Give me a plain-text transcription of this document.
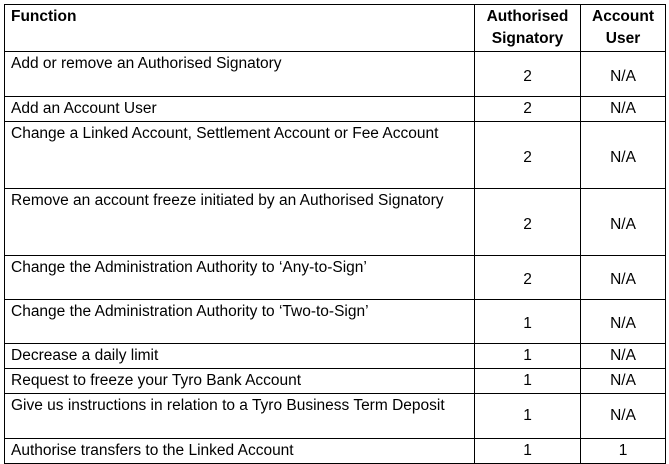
Function	Authorised Signatory	Account User
Add or remove an Authorised Signatory	2	N/A
Add an Account User	2	N/A
Change a Linked Account, Settlement Account or Fee Account	2	N/A
Remove an account freeze initiated by an Authorised Signatory	2	N/A
Change the Administration Authority to ‘Any-to-Sign’	2	N/A
Change the Administration Authority to ‘Two-to-Sign’	1	N/A
Decrease a daily limit	1	N/A
Request to freeze your Tyro Bank Account	1	N/A
Give us instructions in relation to a Tyro Business Term Deposit	1	N/A
Authorise transfers to the Linked Account	1	1
